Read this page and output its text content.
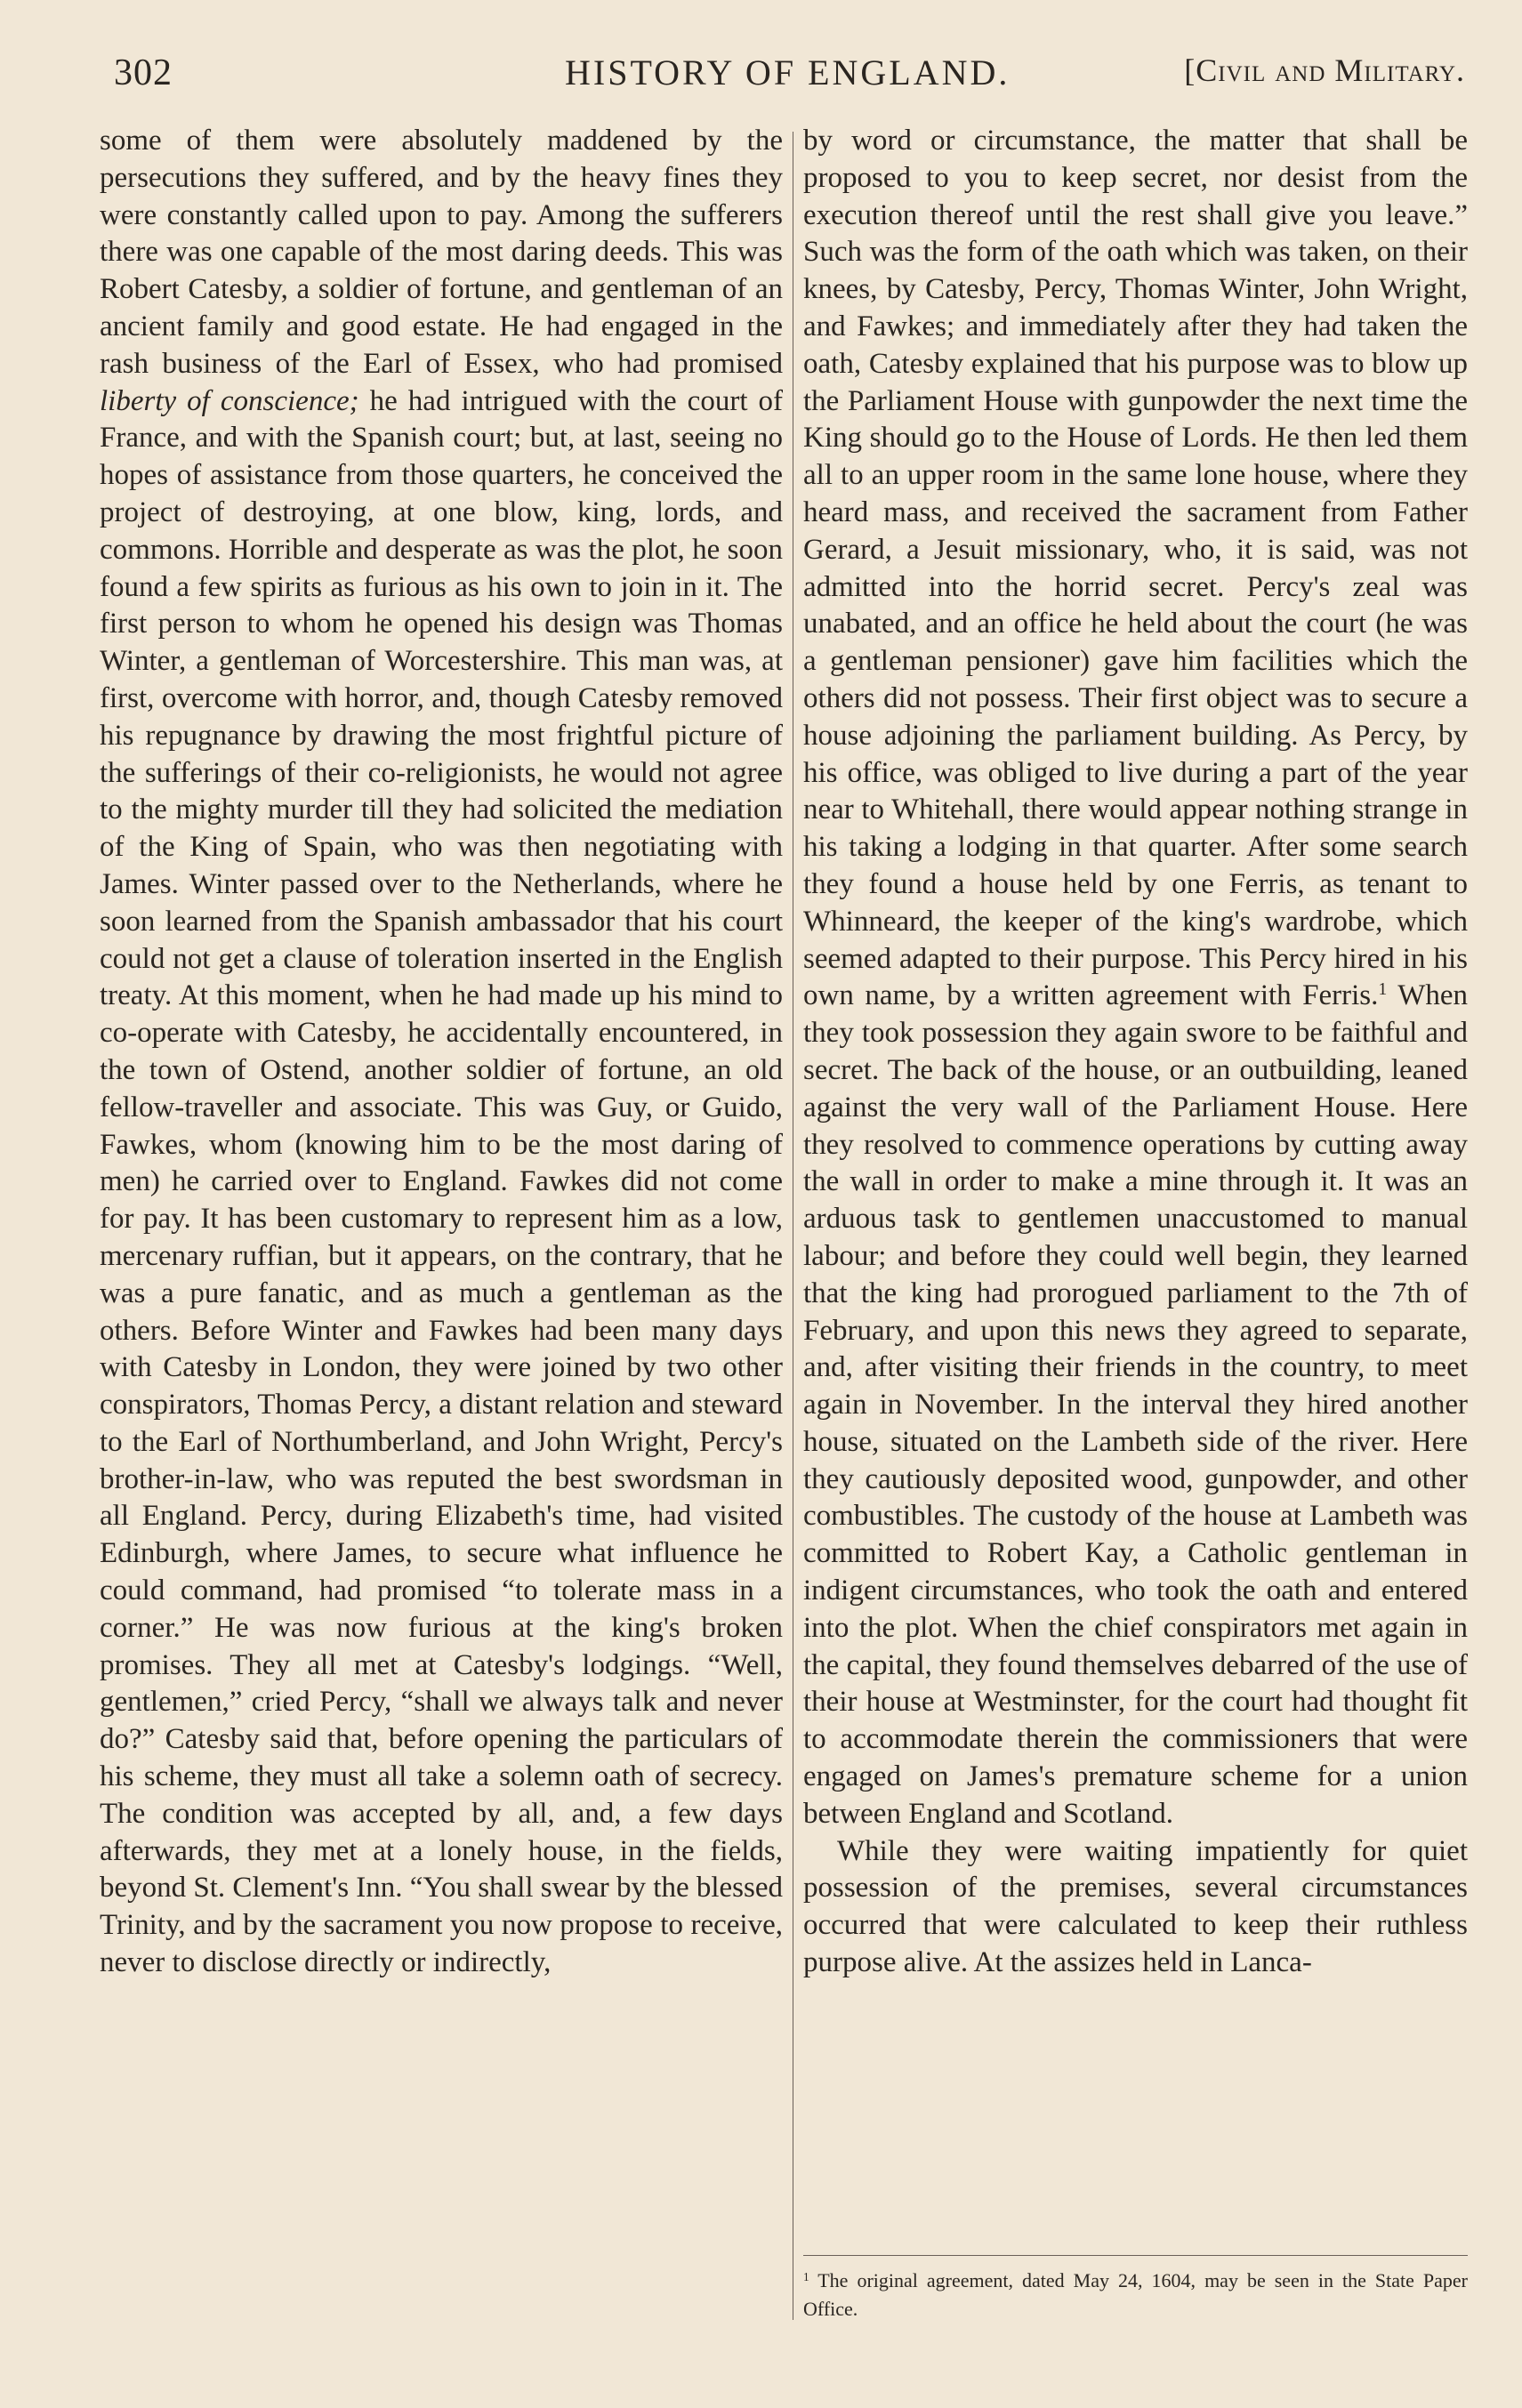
302	HISTORY OF ENGLAND.	[Civil and Military.

some of them were absolutely maddened by the persecutions they suffered, and by the heavy fines they were constantly called upon to pay. Among the sufferers there was one capable of the most daring deeds. This was Robert Catesby, a soldier of fortune, and gentleman of an ancient family and good estate. He had engaged in the rash business of the Earl of Essex, who had promised liberty of conscience; he had intrigued with the court of France, and with the Spanish court; but, at last, seeing no hopes of assistance from those quarters, he conceived the project of destroying, at one blow, king, lords, and commons. Horrible and desperate as was the plot, he soon found a few spirits as furious as his own to join in it. The first person to whom he opened his design was Thomas Winter, a gentleman of Worcestershire. This man was, at first, overcome with horror, and, though Catesby removed his repugnance by drawing the most frightful picture of the sufferings of their co-religionists, he would not agree to the mighty murder till they had solicited the mediation of the King of Spain, who was then negotiating with James. Winter passed over to the Netherlands, where he soon learned from the Spanish ambassador that his court could not get a clause of toleration inserted in the English treaty. At this moment, when he had made up his mind to co-operate with Catesby, he accidentally encountered, in the town of Ostend, another soldier of fortune, an old fellow-traveller and associate. This was Guy, or Guido, Fawkes, whom (knowing him to be the most daring of men) he carried over to England. Fawkes did not come for pay. It has been customary to represent him as a low, mercenary ruffian, but it appears, on the contrary, that he was a pure fanatic, and as much a gentleman as the others. Before Winter and Fawkes had been many days with Catesby in London, they were joined by two other conspirators, Thomas Percy, a distant relation and steward to the Earl of Northumberland, and John Wright, Percy's brother-in-law, who was reputed the best swordsman in all England. Percy, during Elizabeth's time, had visited Edinburgh, where James, to secure what influence he could command, had promised “to tolerate mass in a corner.” He was now furious at the king's broken promises. They all met at Catesby's lodgings. “Well, gentlemen,” cried Percy, “shall we always talk and never do?” Catesby said that, before opening the particulars of his scheme, they must all take a solemn oath of secrecy. The condition was accepted by all, and, a few days afterwards, they met at a lonely house, in the fields, beyond St. Clement's Inn. “You shall swear by the blessed Trinity, and by the sacrament you now propose to receive, never to disclose directly or indirectly,

by word or circumstance, the matter that shall be proposed to you to keep secret, nor desist from the execution thereof until the rest shall give you leave.” Such was the form of the oath which was taken, on their knees, by Catesby, Percy, Thomas Winter, John Wright, and Fawkes; and immediately after they had taken the oath, Catesby explained that his purpose was to blow up the Parliament House with gunpowder the next time the King should go to the House of Lords. He then led them all to an upper room in the same lone house, where they heard mass, and received the sacrament from Father Gerard, a Jesuit missionary, who, it is said, was not admitted into the horrid secret. Percy's zeal was unabated, and an office he held about the court (he was a gentleman pensioner) gave him facilities which the others did not possess. Their first object was to secure a house adjoining the parliament building. As Percy, by his office, was obliged to live during a part of the year near to Whitehall, there would appear nothing strange in his taking a lodging in that quarter. After some search they found a house held by one Ferris, as tenant to Whinneard, the keeper of the king's wardrobe, which seemed adapted to their purpose. This Percy hired in his own name, by a written agreement with Ferris.$^1$ When they took possession they again swore to be faithful and secret. The back of the house, or an outbuilding, leaned against the very wall of the Parliament House. Here they resolved to commence operations by cutting away the wall in order to make a mine through it. It was an arduous task to gentlemen unaccustomed to manual labour; and before they could well begin, they learned that the king had prorogued parliament to the 7th of February, and upon this news they agreed to separate, and, after visiting their friends in the country, to meet again in November. In the interval they hired another house, situated on the Lambeth side of the river. Here they cautiously deposited wood, gunpowder, and other combustibles. The custody of the house at Lambeth was committed to Robert Kay, a Catholic gentleman in indigent circumstances, who took the oath and entered into the plot. When the chief conspirators met again in the capital, they found themselves debarred of the use of their house at Westminster, for the court had thought fit to accommodate therein the commissioners that were engaged on James's premature scheme for a union between England and Scotland.

While they were waiting impatiently for quiet possession of the premises, several circumstances occurred that were calculated to keep their ruthless purpose alive. At the assizes held in Lanca-

$^1$ The original agreement, dated May 24, 1604, may be seen in the State Paper Office.
